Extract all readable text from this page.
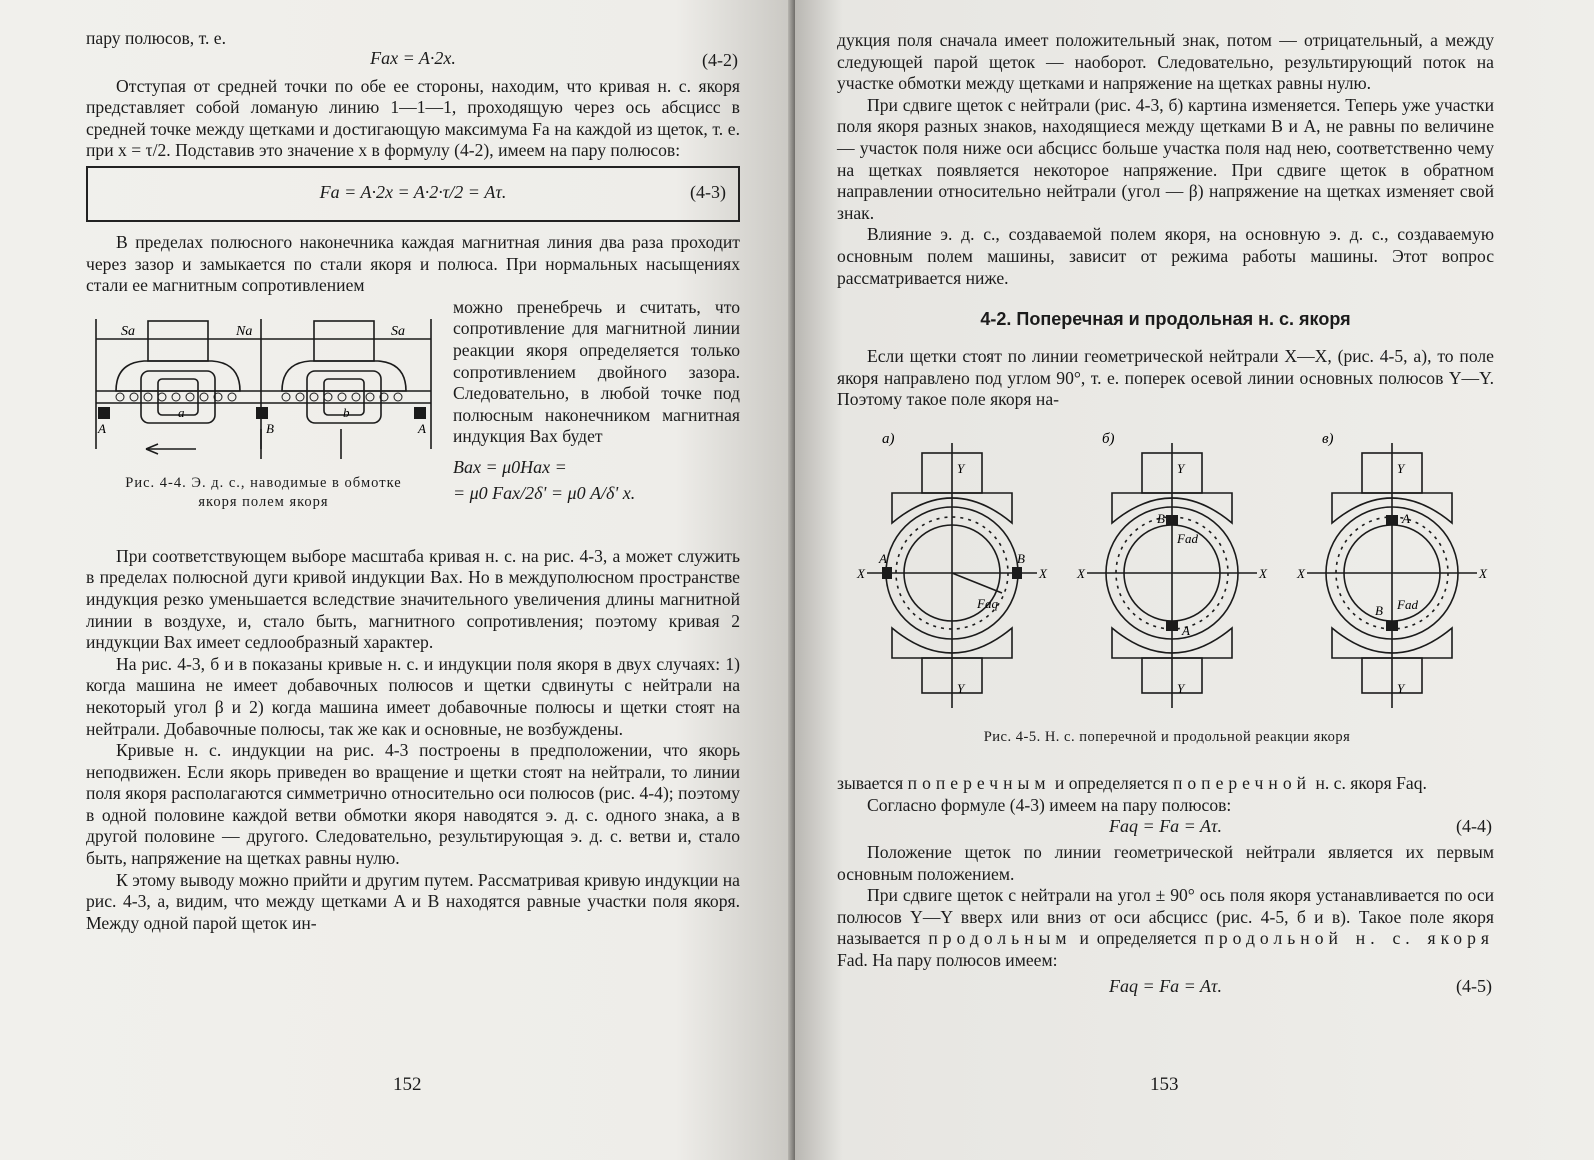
пару полюсов, т. е.

Fax = A·2x.	(4-2)

Отступая от средней точки по обе ее стороны, находим, что кривая н. с. якоря представляет собой ломаную линию 1—1—1, проходящую через ось абсцисс в средней точке между щетками и достигающую максимума Fa на каждой из щеток, т. е. при x = τ/2. Подставив это значение x в формулу (4-2), имеем на пару полюсов:

Fa = A·2x = A·2·τ/2 = Aτ.	(4-3)

В пределах полюсного наконечника каждая магнитная линия два раза проходит через зазор и замыкается по стали якоря и полюса. При нормальных насыщениях стали ее магнитным сопротивлением

Sa	Na	Sa
a	b
A	B	A
Рис. 4-4. Э. д. с., наводимые в обмотке
якоря полем якоря

можно пренебречь и считать, что сопротивление для магнитной линии реакции якоря определяется только сопротивлением двойного зазора. Следовательно, в любой точке под полюсным наконечником магнитная индукция Bax будет

Bax = μ0Hax =
= μ0 Fax/2δ' = μ0 A/δ' x.

При соответствующем выборе масштаба кривая н. с. на рис. 4-3, а может служить в пределах полюсной дуги кривой индукции Bax. Но в междуполюсном пространстве индукция резко уменьшается вследствие значительного увеличения длины магнитной линии в воздухе, и, стало быть, магнитного сопротивления; поэтому кривая 2 индукции Bax имеет седлообразный характер.

На рис. 4-3, б и в показаны кривые н. с. и индукции поля якоря в двух случаях: 1) когда машина не имеет добавочных полюсов и щетки сдвинуты с нейтрали на некоторый угол β и 2) когда машина имеет добавочные полюсы и щетки стоят на нейтрали. Добавочные полюсы, так же как и основные, не возбуждены.

Кривые н. с. индукции на рис. 4-3 построены в предположении, что якорь неподвижен. Если якорь приведен во вращение и щетки стоят на нейтрали, то линии поля якоря располагаются симметрично относительно оси полюсов (рис. 4-4); поэтому в одной половине каждой ветви обмотки якоря наводятся э. д. с. одного знака, а в другой половине — другого. Следовательно, результирующая э. д. с. ветви и, стало быть, напряжение на щетках равны нулю.

К этому выводу можно прийти и другим путем. Рассматривая кривую индукции на рис. 4-3, а, видим, что между щетками A и B находятся равные участки поля якоря. Между одной парой щеток ин-

152

дукция поля сначала имеет положительный знак, потом — отрицательный, а между следующей парой щеток — наоборот. Следовательно, результирующий поток на участке обмотки между щетками и напряжение на щетках равны нулю.

При сдвиге щеток с нейтрали (рис. 4-3, б) картина изменяется. Теперь уже участки поля якоря разных знаков, находящиеся между щетками B и A, не равны по величине — участок поля ниже оси абсцисс больше участка поля над нею, соответственно чему на щетках появляется некоторое напряжение. При сдвиге щеток в обратном направлении относительно нейтрали (угол — β) напряжение на щетках изменяет свой знак.

Влияние э. д. с., создаваемой полем якоря, на основную э. д. с., создаваемую основным полем машины, зависит от режима работы машины. Этот вопрос рассматривается ниже.

4-2. Поперечная и продольная н. с. якоря

Если щетки стоят по линии геометрической нейтрали X—X, (рис. 4-5, а), то поле якоря направлено под углом 90°, т. е. поперек осевой линии основных полюсов Y—Y. Поэтому такое поле якоря на-

а)
Y
Y
X	X
A	B
Faq
б)
B
A
Fad
Y
Y
X	X
в)
A
B Fad
Y
Y
X	X
Рис. 4-5. Н. с. поперечной и продольной реакции якоря

зывается поперечным и определяется поперечной н. с. якоря Faq.

Согласно формуле (4-3) имеем на пару полюсов:

Faq = Fa = Aτ.	(4-4)

Положение щеток по линии геометрической нейтрали является их первым основным положением.

При сдвиге щеток с нейтрали на угол ± 90° ось поля якоря устанавливается по оси полюсов Y—Y вверх или вниз от оси абсцисс (рис. 4-5, б и в). Такое поле якоря называется продольным и определяется продольной н. с. якоря Fad. На пару полюсов имеем:

Faq = Fa = Aτ.	(4-5)
153
